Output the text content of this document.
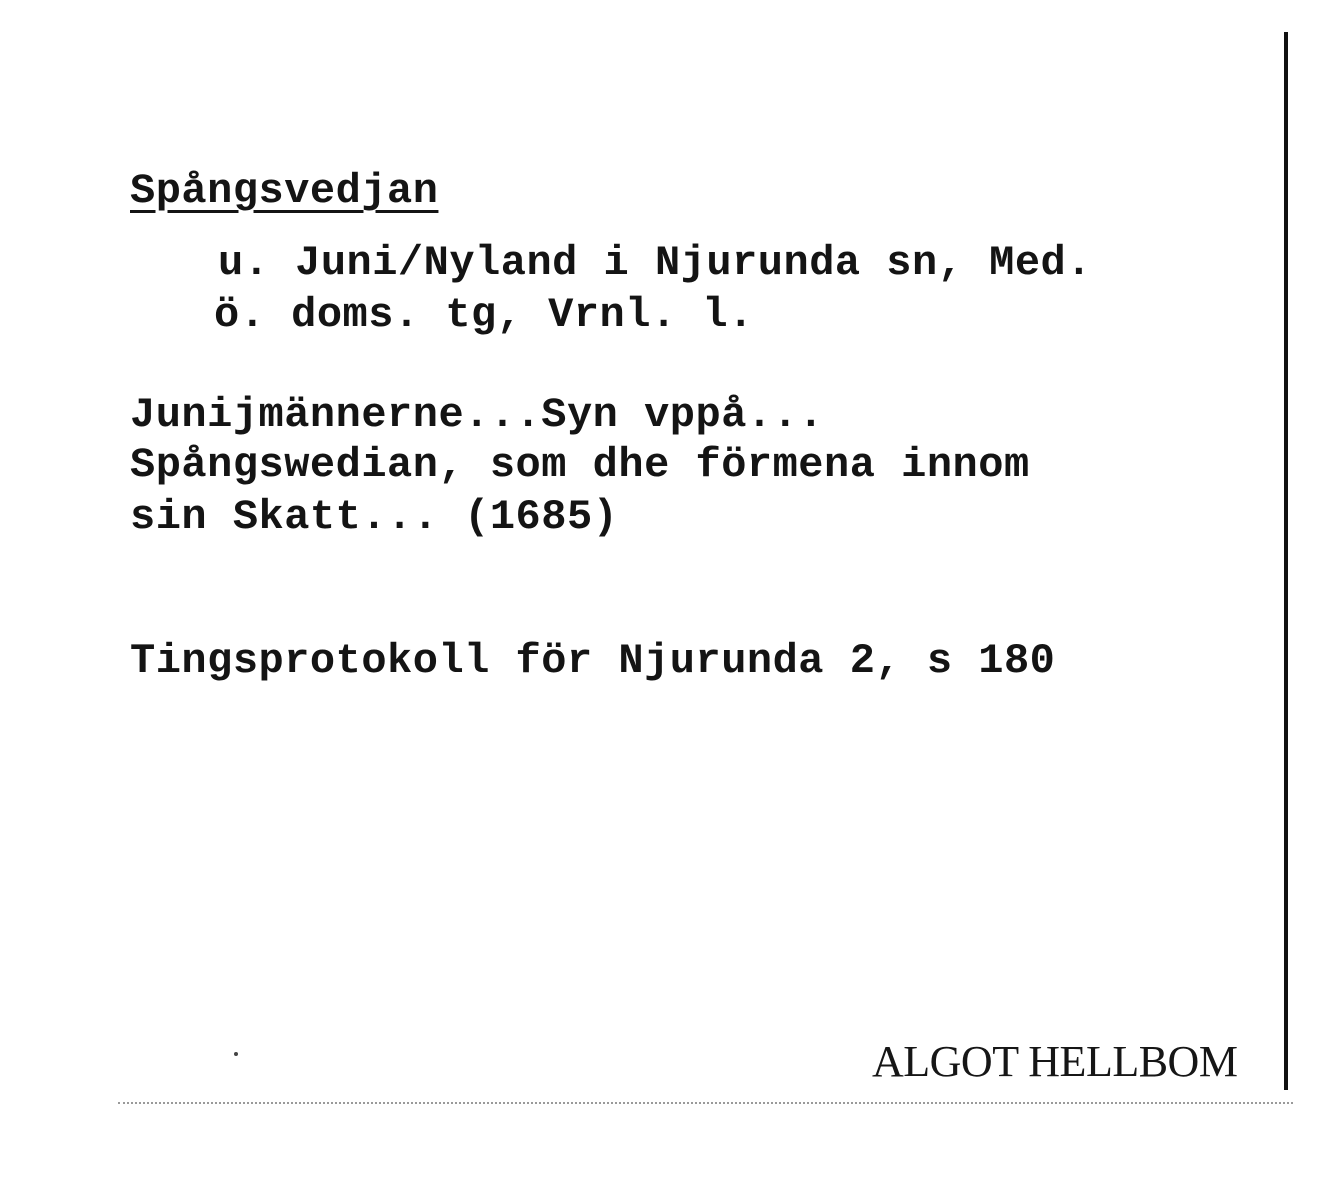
Spångsvedjan
u. Juni/Nyland i Njurunda sn, Med.
ö. doms. tg, Vrnl. l.
Junijmännerne...Syn vppå...
Spångswedian, som dhe förmena innom
sin Skatt... (1685)
Tingsprotokoll för Njurunda 2, s 180
ALGOT HELLBOM
